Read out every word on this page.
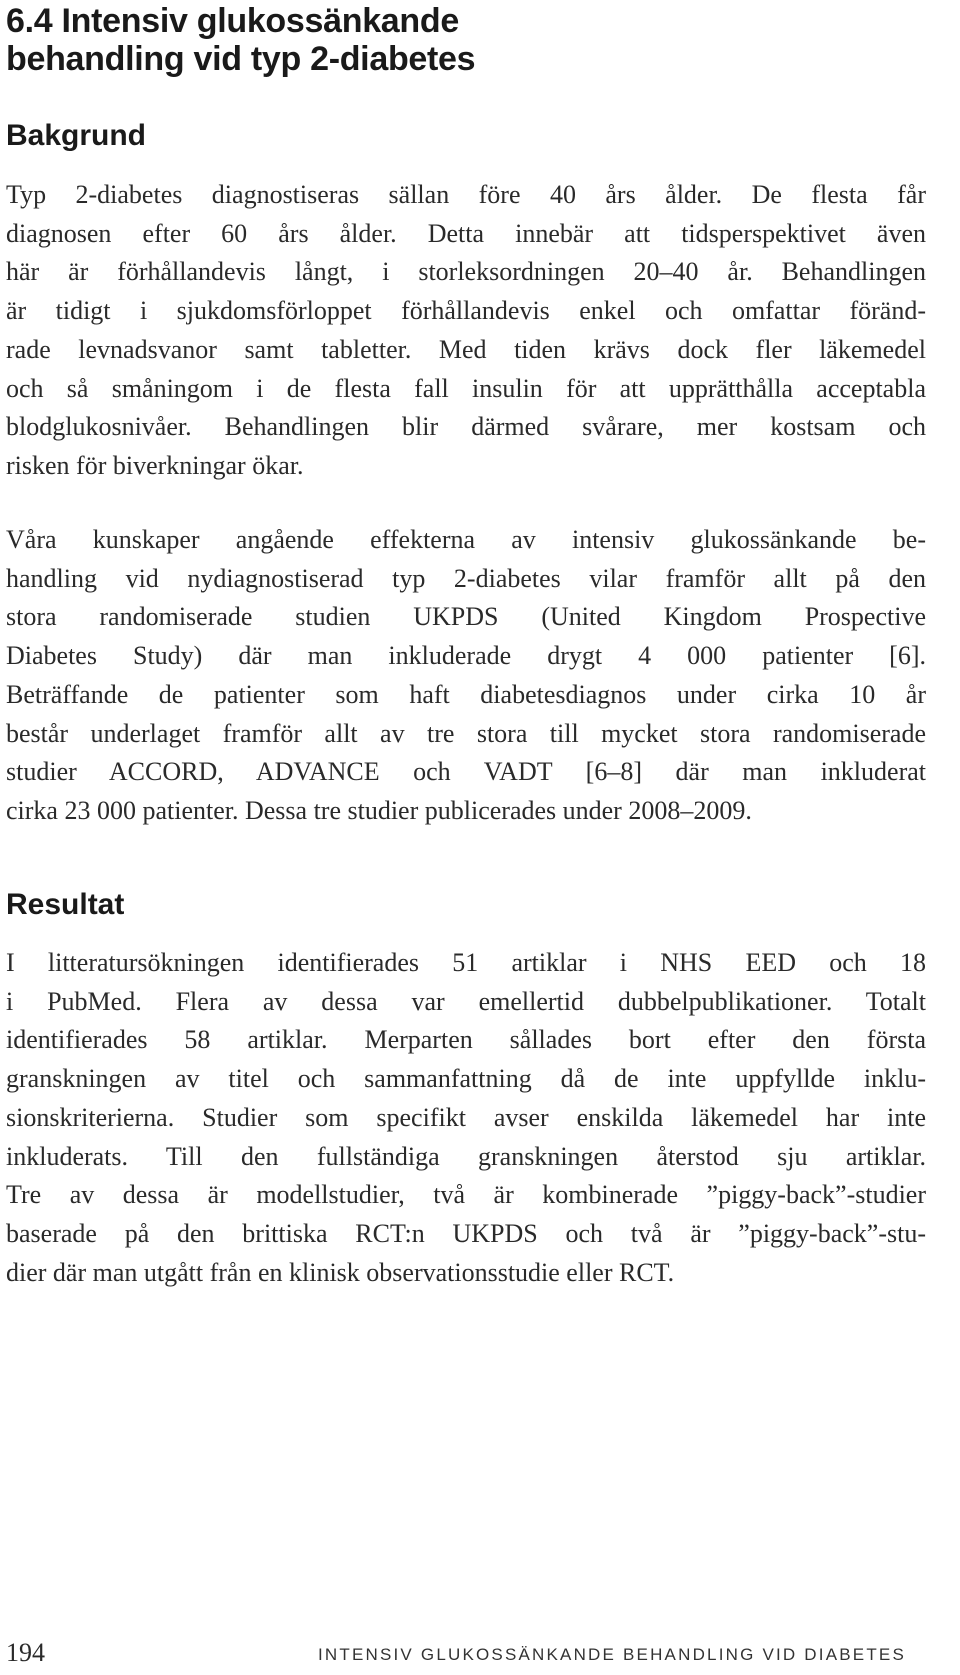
6.4 Intensiv glukossänkande
behandling vid typ 2-diabetes
Bakgrund

Typ 2-diabetes diagnostiseras sällan före 40 års ålder. De flesta får
diagnosen efter 60 års ålder. Detta innebär att tidsperspektivet även
här är förhållandevis långt, i storleksordningen 20–40 år. Behandlingen
är tidigt i sjukdomsförloppet förhållandevis enkel och omfattar föränd-
rade levnadsvanor samt tabletter. Med tiden krävs dock fler läkemedel
och så småningom i de flesta fall insulin för att upprätthålla acceptabla
blodglukosnivåer. Behandlingen blir därmed svårare, mer kostsam och
risken för biverkningar ökar.

Våra kunskaper angående effekterna av intensiv glukossänkande be-
handling vid nydiagnostiserad typ 2-diabetes vilar framför allt på den
stora randomiserade studien UKPDS (United Kingdom Prospective
Diabetes Study) där man inkluderade drygt 4 000 patienter [6].
Beträffande de patienter som haft diabetesdiagnos under cirka 10 år
består underlaget framför allt av tre stora till mycket stora randomiserade
studier ACCORD, ADVANCE och VADT [6–8] där man inkluderat
cirka 23 000 patienter. Dessa tre studier publicerades under 2008–2009.

Resultat

I litteratursökningen identifierades 51 artiklar i NHS EED och 18
i PubMed. Flera av dessa var emellertid dubbelpublikationer. Totalt
identifierades 58 artiklar. Merparten sållades bort efter den första
granskningen av titel och sammanfattning då de inte uppfyllde inklu-
sionskriterierna. Studier som specifikt avser enskilda läkemedel har inte
inkluderats. Till den fullständiga granskningen återstod sju artiklar.
Tre av dessa är modellstudier, två är kombinerade ”piggy-back”-studier
baserade på den brittiska RCT:n UKPDS och två är ”piggy-back”-stu-
dier där man utgått från en klinisk observationsstudie eller RCT.

194	INTENSIV GLUKOSSÄNKANDE BEHANDLING VID DIABETES
